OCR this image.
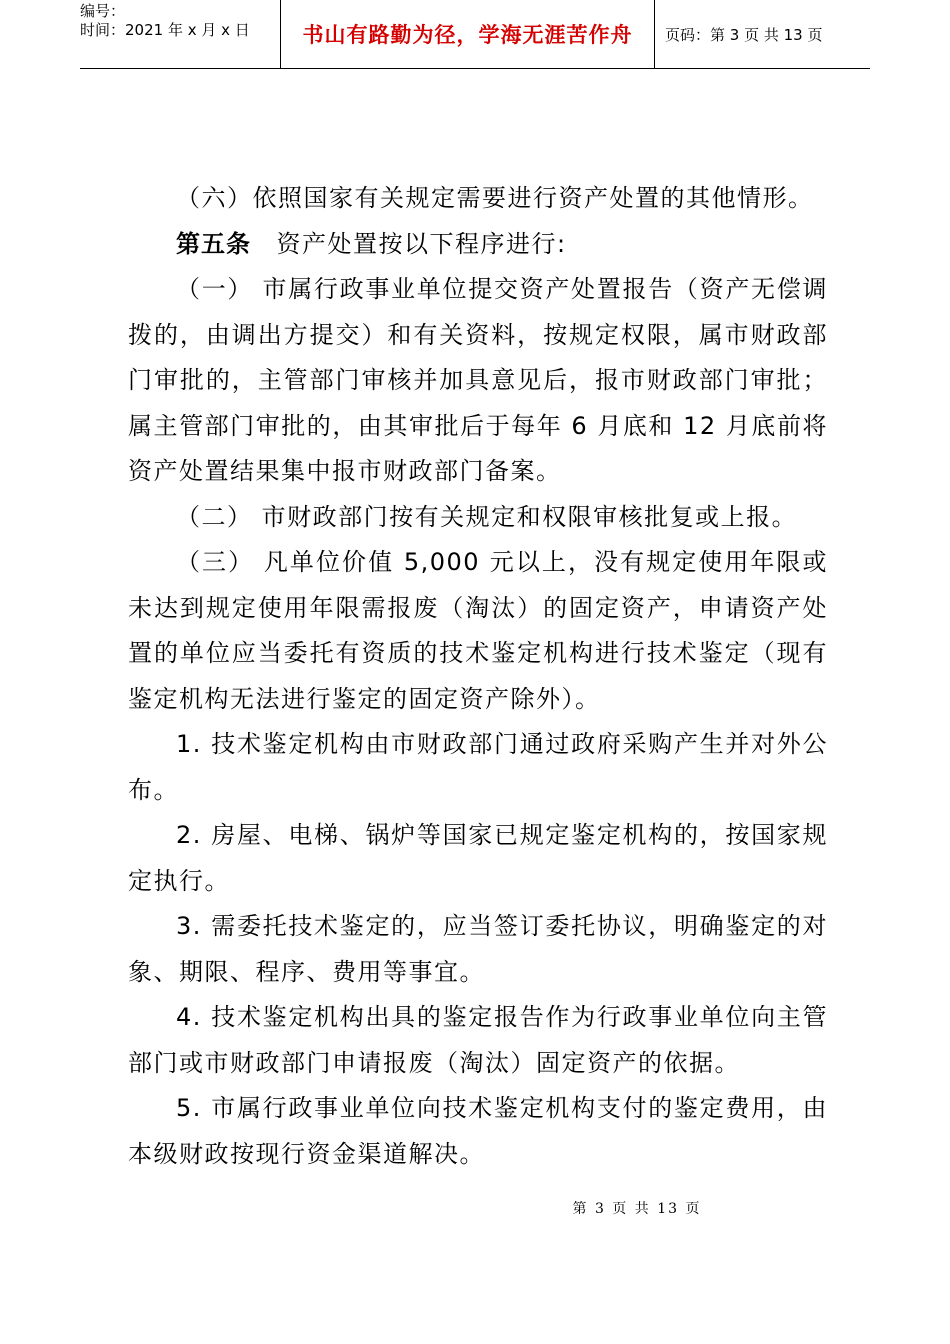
编号：
时间：2021 年 x 月 x 日	书山有路勤为径，学海无涯苦作舟 页码：第 3 页 共 13 页

（六）依照国家有关规定需要进行资产处置的其他情形。

第五条　资产处置按以下程序进行:

（一） 市属行政事业单位提交资产处置报告（资产无偿调拨的，由调出方提交）和有关资料，按规定权限，属市财政部门审批的，主管部门审核并加具意见后，报市财政部门审批；属主管部门审批的，由其审批后于每年 6 月底和 12 月底前将资产处置结果集中报市财政部门备案。

（二） 市财政部门按有关规定和权限审核批复或上报。

（三） 凡单位价值 5,000 元以上，没有规定使用年限或未达到规定使用年限需报废（淘汰）的固定资产，申请资产处置的单位应当委托有资质的技术鉴定机构进行技术鉴定（现有鉴定机构无法进行鉴定的固定资产除外）。

1. 技术鉴定机构由市财政部门通过政府采购产生并对外公布。

2. 房屋、电梯、锅炉等国家已规定鉴定机构的，按国家规定执行。

3. 需委托技术鉴定的，应当签订委托协议，明确鉴定的对象、期限、程序、费用等事宜。

4. 技术鉴定机构出具的鉴定报告作为行政事业单位向主管部门或市财政部门申请报废（淘汰）固定资产的依据。

5. 市属行政事业单位向技术鉴定机构支付的鉴定费用，由本级财政按现行资金渠道解决。

第 3 页 共 13 页
